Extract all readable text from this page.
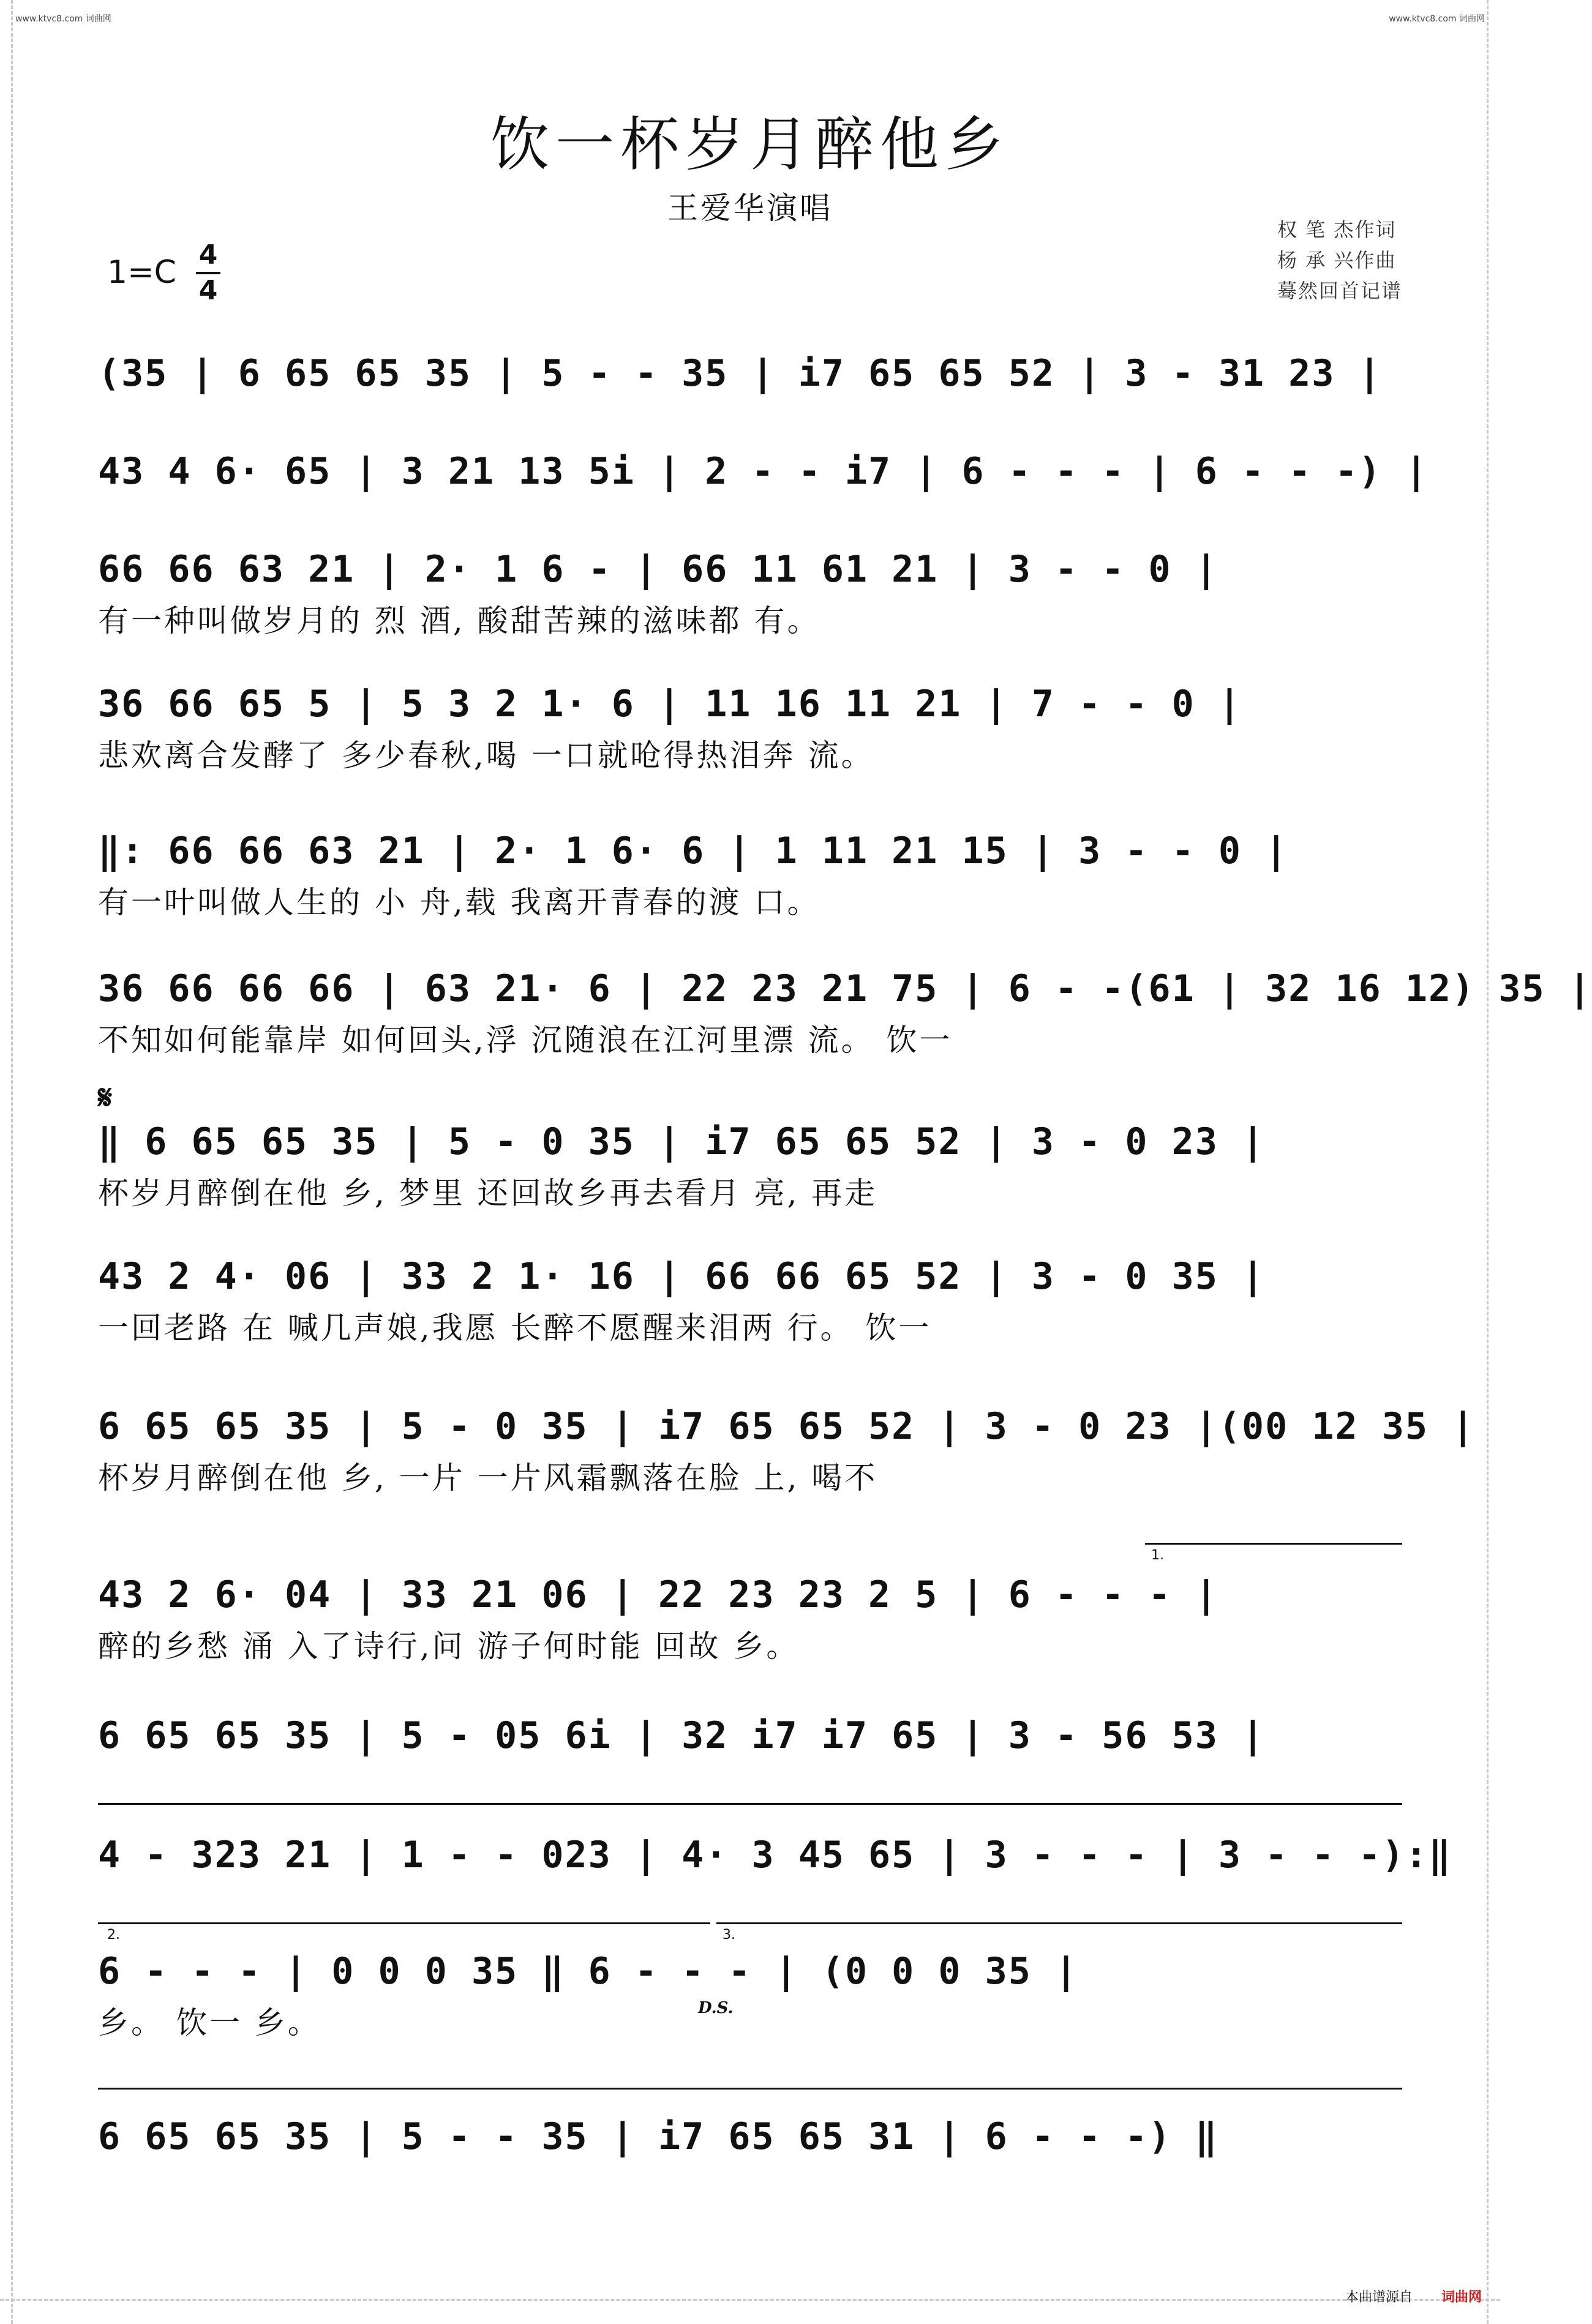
www.ktvc8.com 词曲网	www.ktvc8.com 词曲网
饮一杯岁月醉他乡
王爱华演唱
权 笔 杰作词
杨 承 兴作曲
蓦然回首记谱
1=C 4
4
(35 | 6 65 65 35 | 5 - - 35 | i7 65 65 52 | 3 - 31 23 |
43 4 6· 65 | 3 21 13 5i | 2 - - i7 | 6 - - - | 6 - - -) |
66 66 63 21 | 2· 1 6 - | 66 11 61 21 | 3 - - 0 |
有一种叫做岁月的 烈 酒, 酸甜苦辣的滋味都 有。
36 66 65 5 | 5 3 2 1· 6 | 11 16 11 21 | 7 - - 0 |
悲欢离合发酵了 多少春秋,喝 一口就呛得热泪奔 流。
‖: 66 66 63 21 | 2· 1 6· 6 | 1 11 21 15 | 3 - - 0 |
有一叶叫做人生的 小 舟,载 我离开青春的渡 口。
36 66 66 66 | 63 21· 6 | 22 23 21 75 | 6 - -(61 | 32 16 12) 35 |
不知如何能靠岸 如何回头,浮 沉随浪在江河里漂 流。 饮一
𝄋
‖ 6 65 65 35 | 5 - 0 35 | i7 65 65 52 | 3 - 0 23 |
杯岁月醉倒在他 乡, 梦里 还回故乡再去看月 亮, 再走
43 2 4· 06 | 33 2 1· 16 | 66 66 65 52 | 3 - 0 35 |
一回老路 在 喊几声娘,我愿 长醉不愿醒来泪两 行。 饮一
6 65 65 35 | 5 - 0 35 | i7 65 65 52 | 3 - 0 23 |(00 12 35 |
杯岁月醉倒在他 乡, 一片 一片风霜飘落在脸 上, 喝不
1.
43 2 6· 04 | 33 21 06 | 22 23 23 2 5 | 6 - - - |
醉的乡愁 涌 入了诗行,问 游子何时能 回故 乡。
6 65 65 35 | 5 - 05 6i | 32 i7 i7 65 | 3 - 56 53 |
4 - 323 21 | 1 - - 023 | 4· 3 45 65 | 3 - - - | 3 - - -):‖
2.	3.
6 - - - | 0 0 0 35 ‖ 6 - - - | (0 0 0 35 |
乡。 饮一 乡。	D.S.
6 65 65 35 | 5 - - 35 | i7 65 65 31 | 6 - - -) ‖
本曲谱源自 词曲网
